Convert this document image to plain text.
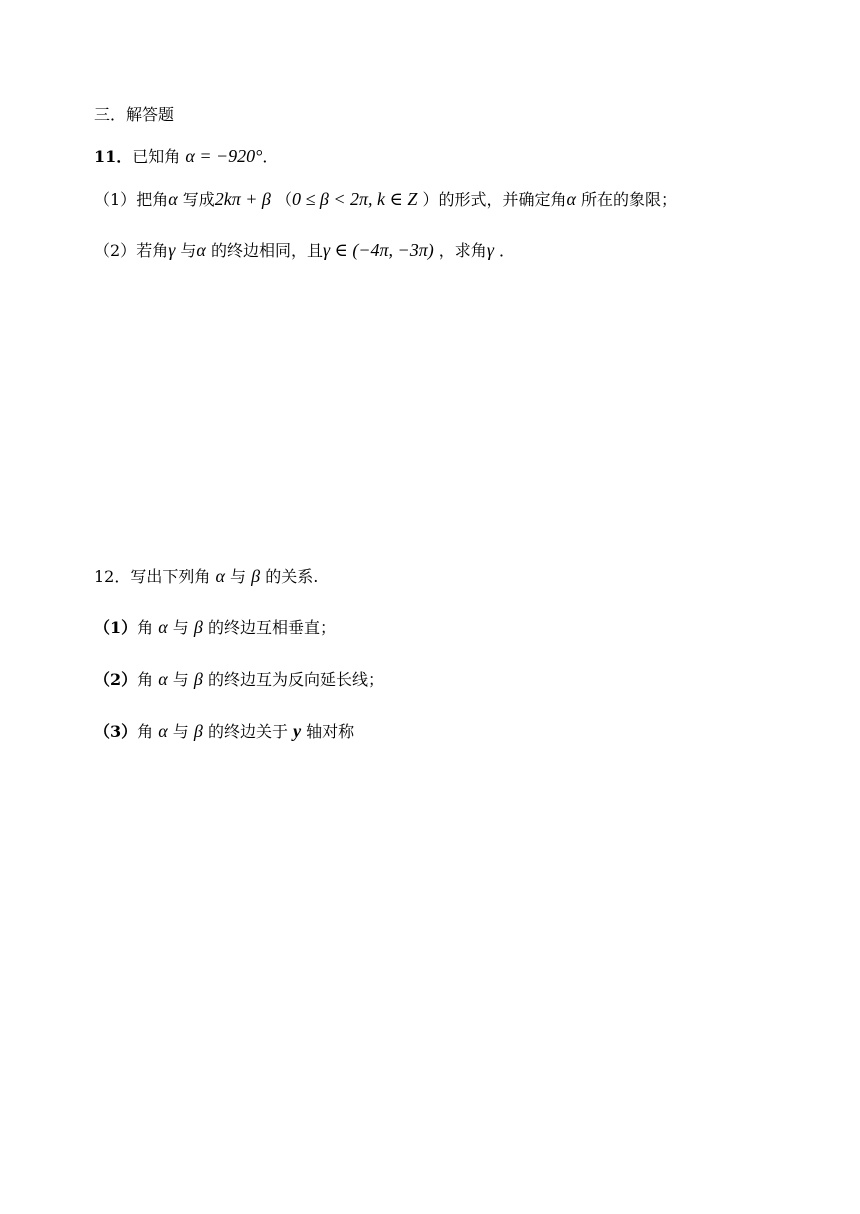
三．解答题
11．已知角 α = −920°．
（1）把角α 写成2kπ + β （0 ≤ β < 2π, k ∈ Z ）的形式，并确定角α 所在的象限；
（2）若角γ 与α 的终边相同，且γ ∈ (−4π, −3π) ，求角γ ．
12．写出下列角 α 与 β 的关系.
（1）角 α 与 β 的终边互相垂直；
（2）角 α 与 β 的终边互为反向延长线；
（3）角 α 与 β 的终边关于 y 轴对称
